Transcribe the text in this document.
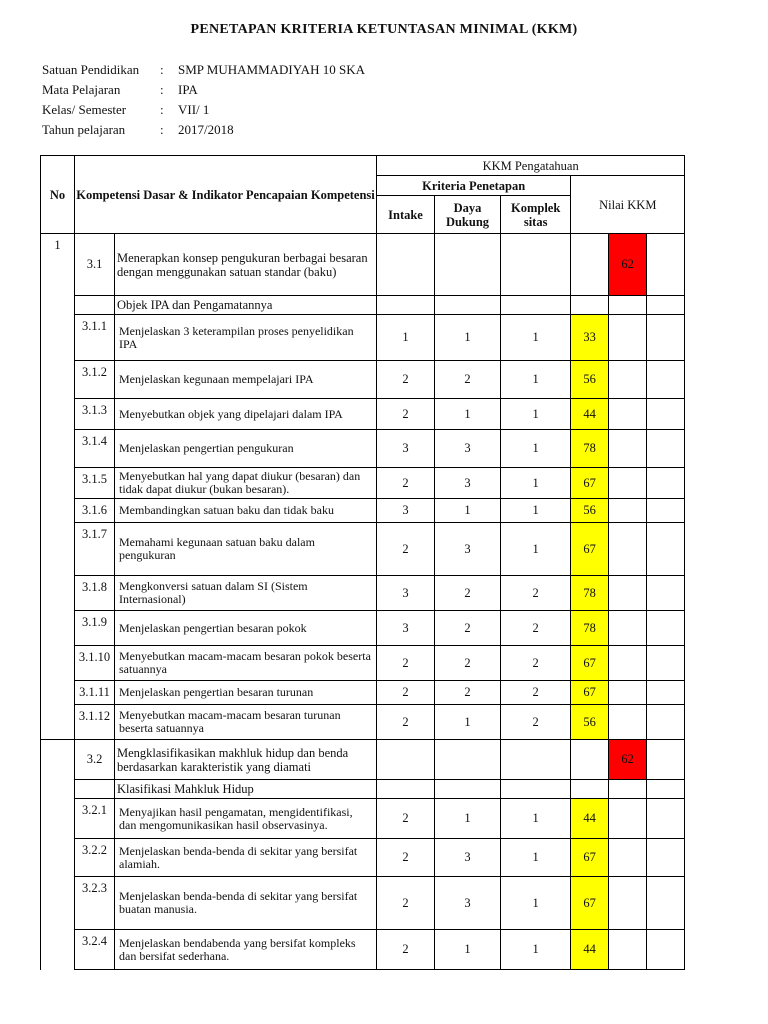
PENETAPAN KRITERIA KETUNTASAN MINIMAL (KKM)
Satuan Pendidikan	:	SMP MUHAMMADIYAH 10 SKA
Mata Pelajaran	:	IPA
Kelas/ Semester	:	VII/ 1
Tahun pelajaran	:	2017/2018
No	Kompetensi Dasar & Indikator Pencapaian Kompetensi		KKM Pengatahuan					
			Kriteria Penetapan			Nilai KKM		
			Intake	Daya Dukung	Komplek sitas			
1	3.1	Menerapkan konsep pengukuran berbagai besaran dengan menggunakan satuan standar (baku)					62	
		Objek IPA dan Pengamatannya						
	3.1.1	Menjelaskan 3 keterampilan proses penyelidikan IPA	1	1	1	33		
	3.1.2	Menjelaskan kegunaan mempelajari IPA	2	2	1	56		
	3.1.3	Menyebutkan objek yang dipelajari dalam IPA	2	1	1	44		
	3.1.4	Menjelaskan pengertian pengukuran	3	3	1	78		
	3.1.5	Menyebutkan hal yang dapat diukur (besaran) dan tidak dapat diukur (bukan besaran).	2	3	1	67		
	3.1.6	Membandingkan satuan baku dan tidak baku	3	1	1	56		
	3.1.7	Memahami kegunaan satuan baku dalam pengukuran	2	3	1	67		
	3.1.8	Mengkonversi satuan dalam SI (Sistem Internasional)	3	2	2	78		
	3.1.9	Menjelaskan pengertian besaran pokok	3	2	2	78		
	3.1.10	Menyebutkan macam-macam besaran pokok beserta satuannya	2	2	2	67		
	3.1.11	Menjelaskan pengertian besaran turunan	2	2	2	67		
	3.1.12	Menyebutkan macam-macam besaran turunan beserta satuannya	2	1	2	56		
	3.2	Mengklasifikasikan makhluk hidup dan benda berdasarkan karakteristik yang diamati					62	
		Klasifikasi Mahkluk Hidup						
	3.2.1	Menyajikan hasil pengamatan, mengidentifikasi, dan mengomunikasikan hasil observasinya.	2	1	1	44		
	3.2.2	Menjelaskan benda-benda di sekitar yang bersifat alamiah.	2	3	1	67		
	3.2.3	Menjelaskan benda-benda di sekitar yang bersifat buatan manusia.	2	3	1	67		
	3.2.4	Menjelaskan bendabenda yang bersifat kompleks dan bersifat sederhana.	2	1	1	44		
